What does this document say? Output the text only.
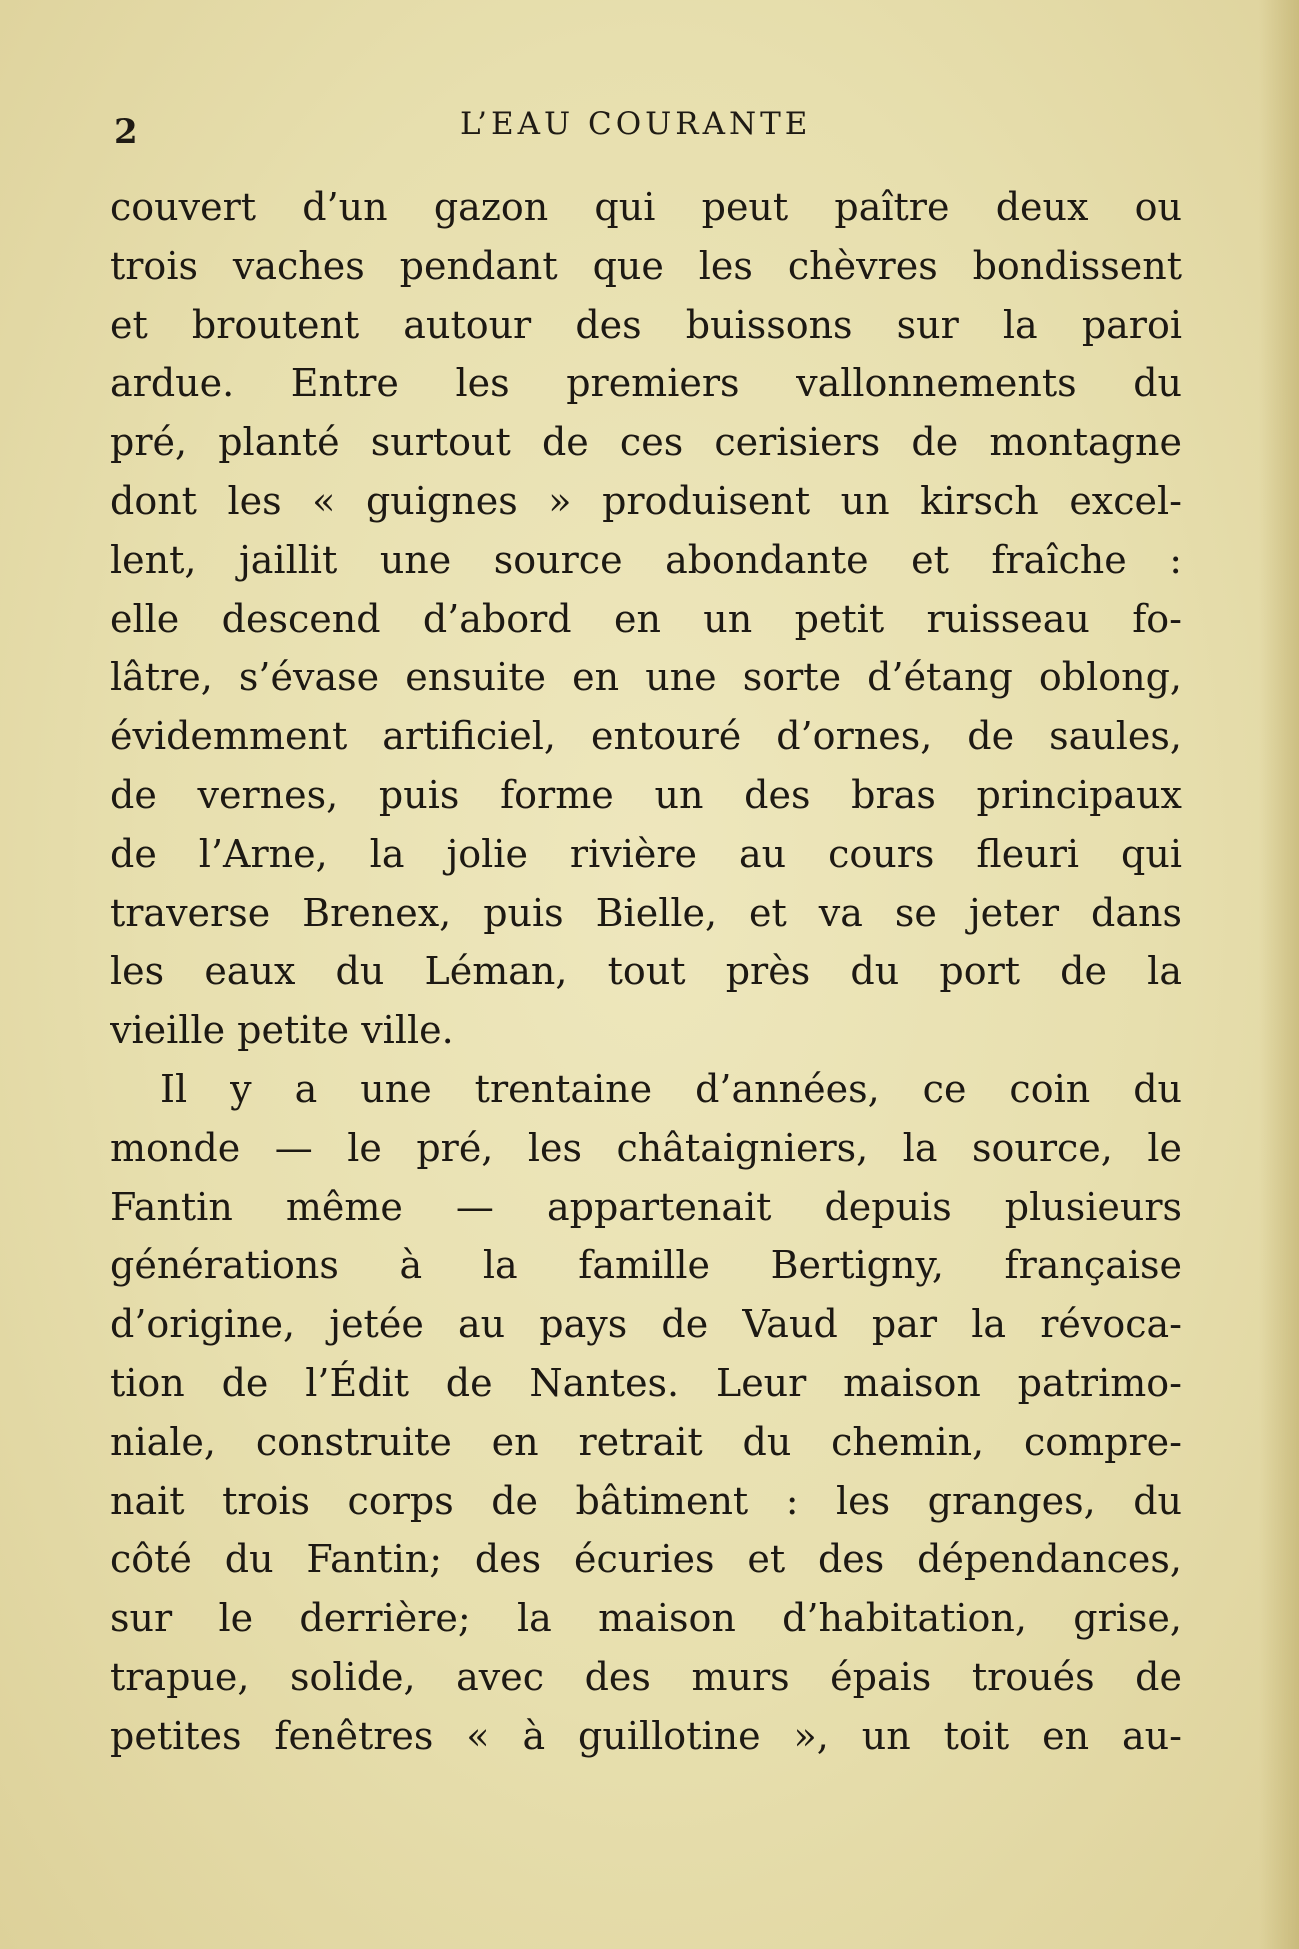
2	L’EAU COURANTE
couvert d’un gazon qui peut paître deux ou
trois vaches pendant que les chèvres bondissent
et broutent autour des buissons sur la paroi
ardue. Entre les premiers vallonnements du
pré, planté surtout de ces cerisiers de montagne
dont les « guignes » produisent un kirsch excel-
lent, jaillit une source abondante et fraîche :
elle descend d’abord en un petit ruisseau fo-
lâtre, s’évase ensuite en une sorte d’étang oblong,
évidemment artificiel, entouré d’ornes, de saules,
de vernes, puis forme un des bras principaux
de l’Arne, la jolie rivière au cours fleuri qui
traverse Brenex, puis Bielle, et va se jeter dans
les eaux du Léman, tout près du port de la
vieille petite ville.
Il y a une trentaine d’années, ce coin du
monde — le pré, les châtaigniers, la source, le
Fantin même — appartenait depuis plusieurs
générations à la famille Bertigny, française
d’origine, jetée au pays de Vaud par la révoca-
tion de l’Édit de Nantes. Leur maison patrimo-
niale, construite en retrait du chemin, compre-
nait trois corps de bâtiment : les granges, du
côté du Fantin; des écuries et des dépendances,
sur le derrière; la maison d’habitation, grise,
trapue, solide, avec des murs épais troués de
petites fenêtres « à guillotine », un toit en au-
